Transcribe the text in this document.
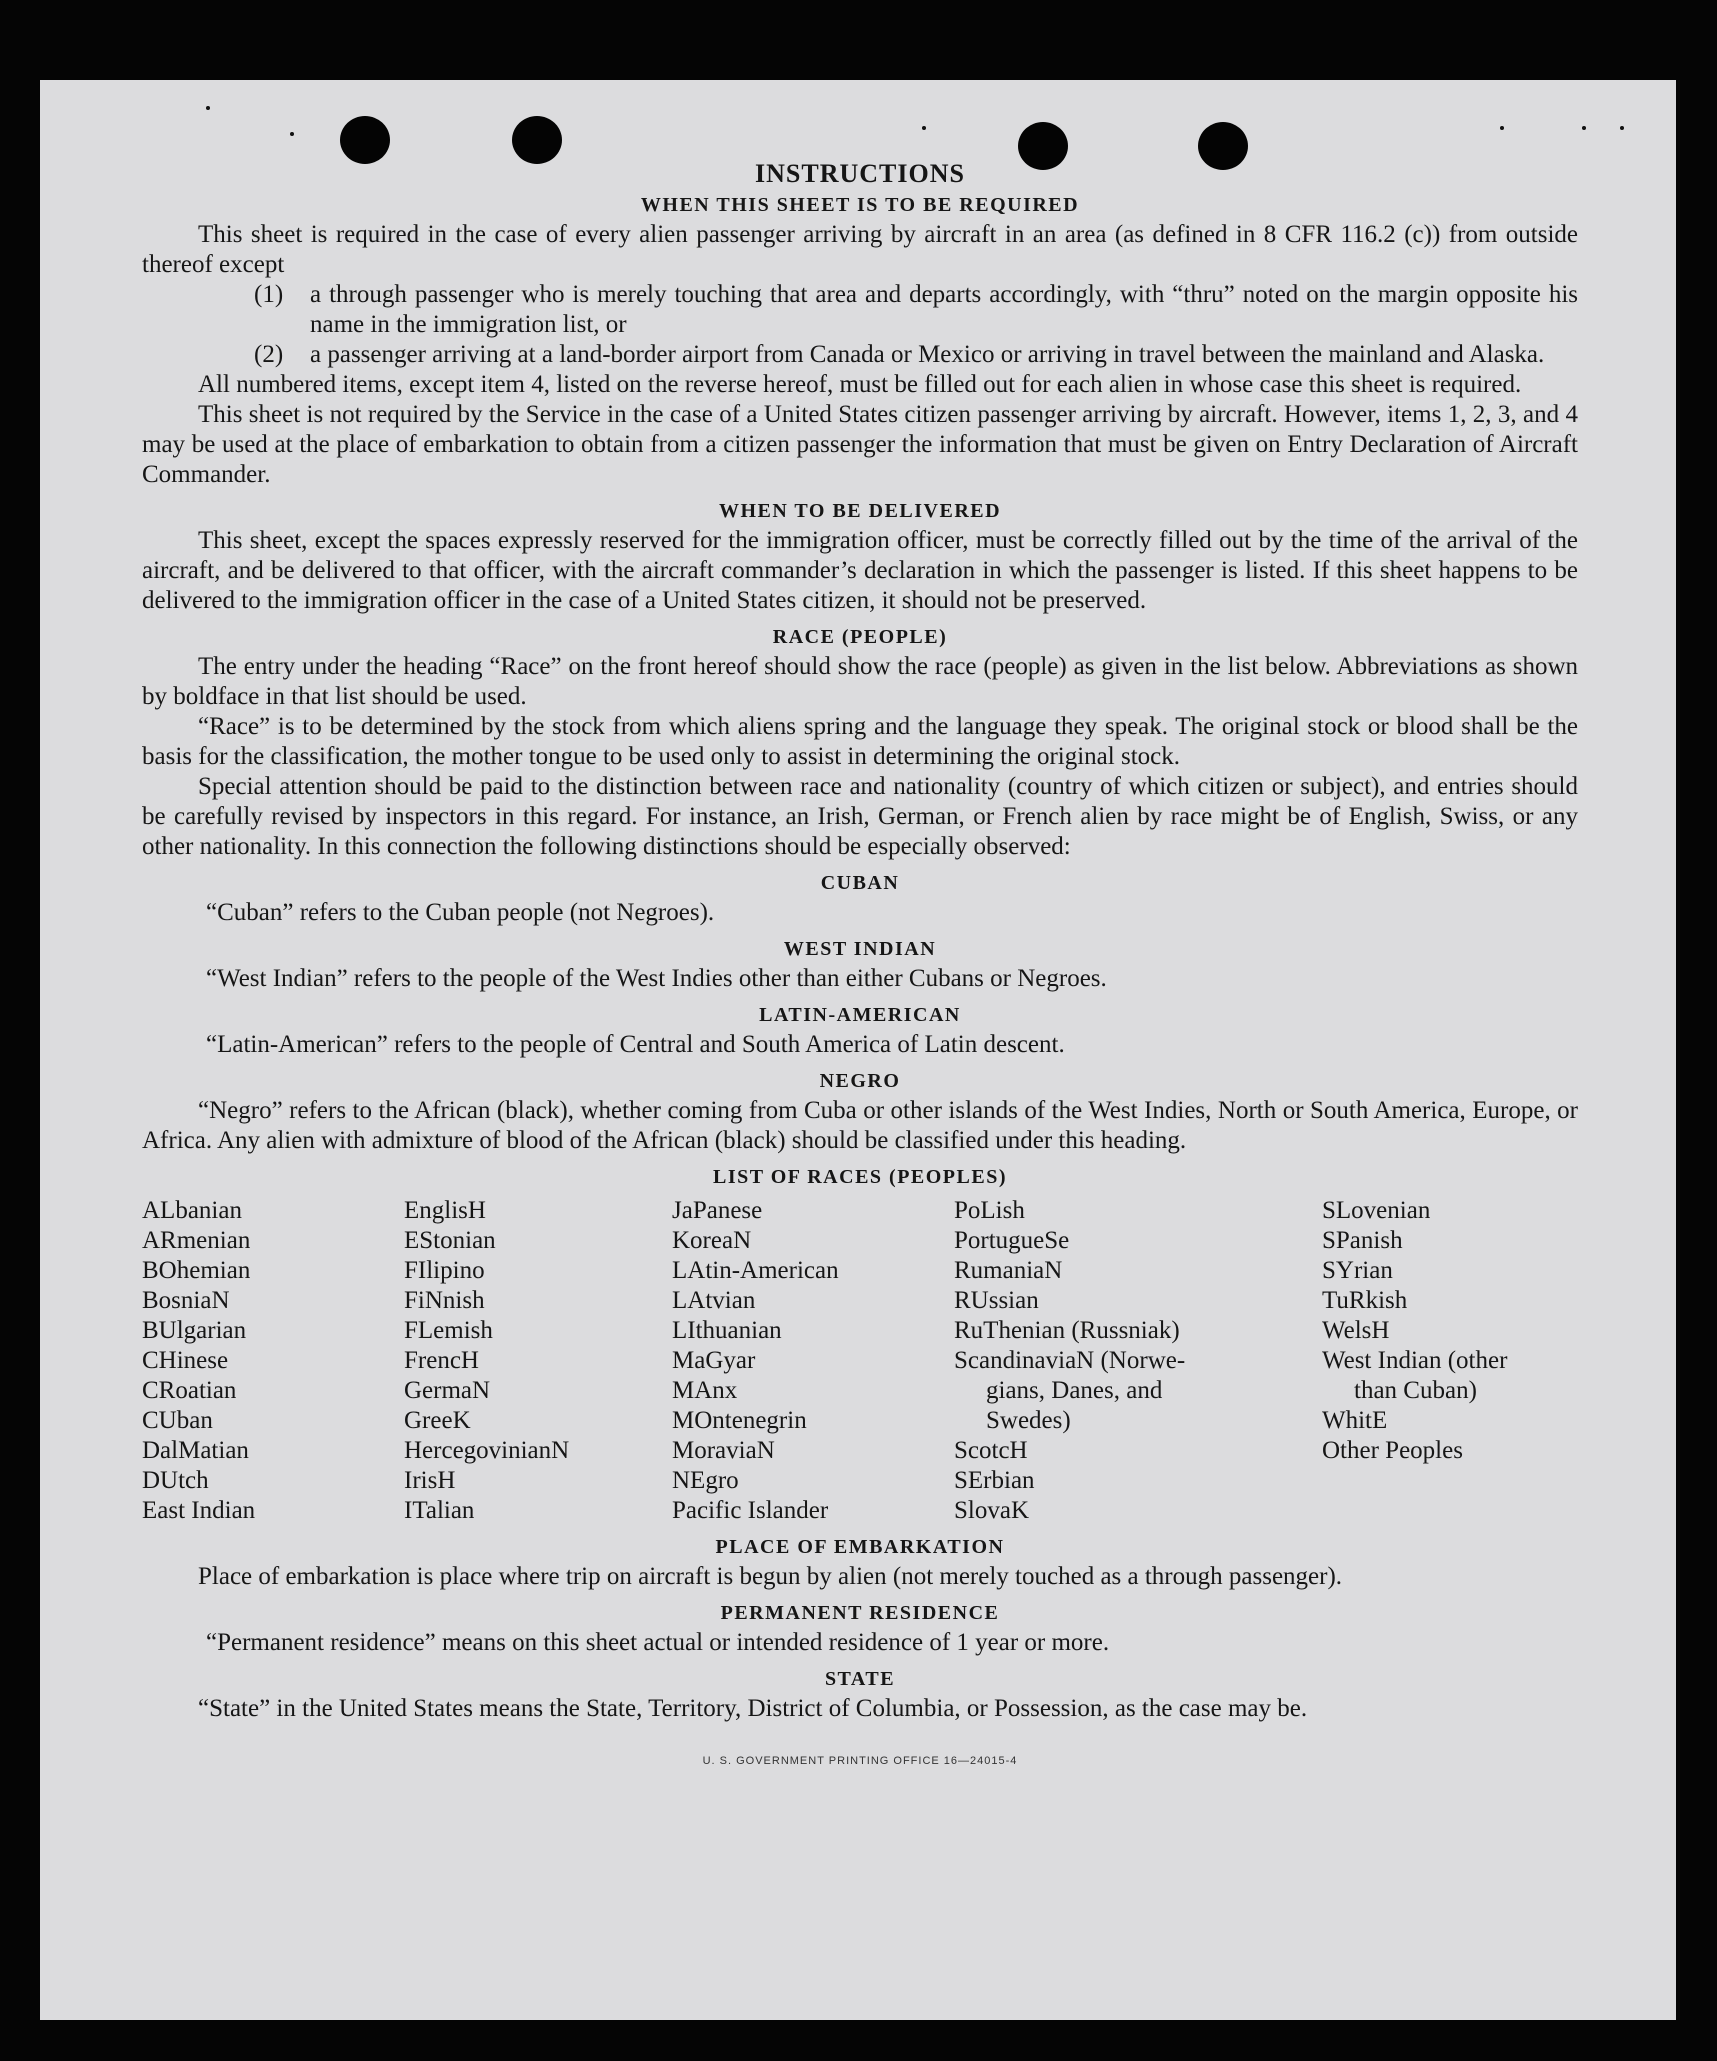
INSTRUCTIONS
WHEN THIS SHEET IS TO BE REQUIRED

This sheet is required in the case of every alien passenger arriving by aircraft in an area (as defined in 8 CFR 116.2 (c)) from outside thereof except

(1)	a through passenger who is merely touching that area and departs accordingly, with “thru” noted on the margin opposite his name in the immigration list, or
(2)	a passenger arriving at a land-border airport from Canada or Mexico or arriving in travel between the mainland and Alaska.

All numbered items, except item 4, listed on the reverse hereof, must be filled out for each alien in whose case this sheet is required.

This sheet is not required by the Service in the case of a United States citizen passenger arriving by aircraft. However, items 1, 2, 3, and 4 may be used at the place of embarkation to obtain from a citizen passenger the information that must be given on Entry Declaration of Aircraft Commander.

WHEN TO BE DELIVERED

This sheet, except the spaces expressly reserved for the immigration officer, must be correctly filled out by the time of the arrival of the aircraft, and be delivered to that officer, with the aircraft commander’s declaration in which the passenger is listed. If this sheet happens to be delivered to the immigration officer in the case of a United States citizen, it should not be preserved.

RACE (PEOPLE)

The entry under the heading “Race” on the front hereof should show the race (people) as given in the list below. Abbreviations as shown by boldface in that list should be used.

“Race” is to be determined by the stock from which aliens spring and the language they speak. The original stock or blood shall be the basis for the classification, the mother tongue to be used only to assist in determining the original stock.

Special attention should be paid to the distinction between race and nationality (country of which citizen or subject), and entries should be carefully revised by inspectors in this regard. For instance, an Irish, German, or French alien by race might be of English, Swiss, or any other nationality. In this connection the following distinctions should be especially observed:

CUBAN

“Cuban” refers to the Cuban people (not Negroes).

WEST INDIAN

“West Indian” refers to the people of the West Indies other than either Cubans or Negroes.

LATIN-AMERICAN

“Latin-American” refers to the people of Central and South America of Latin descent.

NEGRO

“Negro” refers to the African (black), whether coming from Cuba or other islands of the West Indies, North or South America, Europe, or Africa. Any alien with admixture of blood of the African (black) should be classified under this heading.

LIST OF RACES (PEOPLES)
ALbanian
ARmenian
BOhemian
BosniaN
BUlgarian
CHinese
CRoatian
CUban
DalMatian
DUtch
East Indian
EnglisH
EStonian
FIlipino
FiNnish
FLemish
FrencH
GermaN
GreeK
HercegovinianN
IrisH
ITalian
JaPanese
KoreaN
LAtin-American
LAtvian
LIthuanian
MaGyar
MAnx
MOntenegrin
MoraviaN
NEgro
Pacific Islander
PoLish
PortugueSe
RumaniaN
RUssian
RuThenian (Russniak)
ScandinaviaN (Norwe-
gians, Danes, and
Swedes)
ScotcH
SErbian
SlovaK
SLovenian
SPanish
SYrian
TuRkish
WelsH
West Indian (other
than Cuban)
WhitE
Other Peoples
PLACE OF EMBARKATION

Place of embarkation is place where trip on aircraft is begun by alien (not merely touched as a through passenger).

PERMANENT RESIDENCE

“Permanent residence” means on this sheet actual or intended residence of 1 year or more.

STATE

“State” in the United States means the State, Territory, District of Columbia, or Possession, as the case may be.

U. S. GOVERNMENT PRINTING OFFICE 16—24015-4
